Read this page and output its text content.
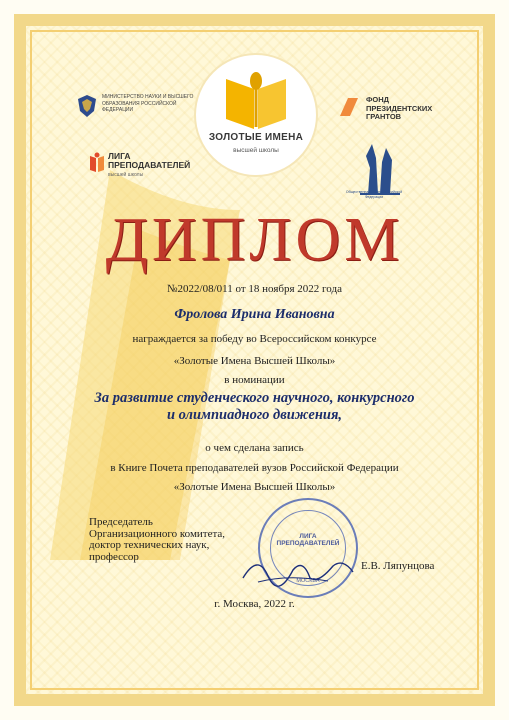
ЗОЛОТЫЕ ИМЕНА
высшей школы
МИНИСТЕРСТВО НАУКИ И ВЫСШЕГО ОБРАЗОВАНИЯ РОССИЙСКОЙ ФЕДЕРАЦИИ
ЛИГА
ПРЕПОДАВАТЕЛЕЙ
высшей школы
ФОНД
ПРЕЗИДЕНТСКИХ
ГРАНТОВ
Общественная палата Российской Федерации
ДИПЛОМ
№2022/08/011 от 18 ноября 2022 года
Фролова Ирина Ивановна
награждается за победу во Всероссийском конкурсе
«Золотые Имена Высшей Школы»
в номинации
За развитие студенческого научного, конкурсного
и олимпиадного движения,
о чем сделана запись
в Книге Почета преподавателей вузов Российской Федерации
«Золотые Имена Высшей Школы»
ЛИГА
ПРЕПОДАВАТЕЛЕЙ
МОСКВА
Председатель
Организационного комитета,
доктор технических наук,
профессор
Е.В. Ляпунцова
г. Москва, 2022 г.
